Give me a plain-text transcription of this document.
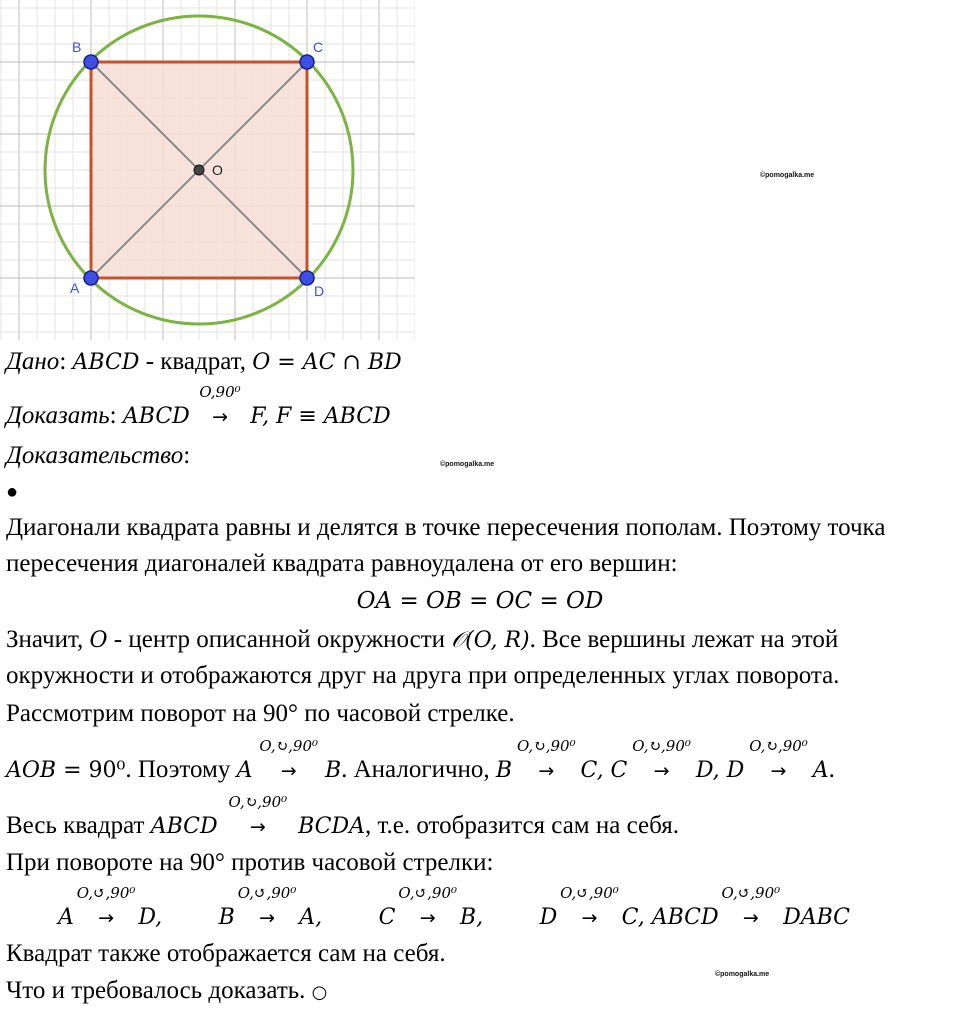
A
B	C
D
O	©pomogalka.me
©pomogalka.me
©pomogalka.me
Дано: ABCD - квадрат, O = AC ∩ BD
Доказать: ABCD
O,90⁰
→ F, F ≡ ABCD
Доказательство:
●
Диагонали квадрата равны и делятся в точке пересечения пополам. Поэтому точка
пересечения диагоналей квадрата равноудалена от его вершин:
OA = OB = OC = OD
Значит, O - центр описанной окружности 𝒪(O, R). Все вершины лежат на этой
окружности и отображаются друг на друга при определенных углах поворота.
Рассмотрим поворот на 90° по часовой стрелке.
AOB = 90⁰. Поэтому A
O,↻,90⁰
→ B. Аналогично, B
O,↻,90⁰
→ C, C
O,↻,90⁰
→ D, D
O,↻,90⁰
→ A.
Весь квадрат ABCD
O,↻,90⁰
→ BCDA, т.е. отобразится сам на себя.
При повороте на 90° против часовой стрелки:
A
O,↺,90⁰
→ D,	B
O,↺,90⁰
→ A,	C
O,↺,90⁰
→ B,	D
O,↺,90⁰
→ C, ABCD
O,↺,90⁰
→ DABC
Квадрат также отображается сам на себя.
Что и требовалось доказать. ○
